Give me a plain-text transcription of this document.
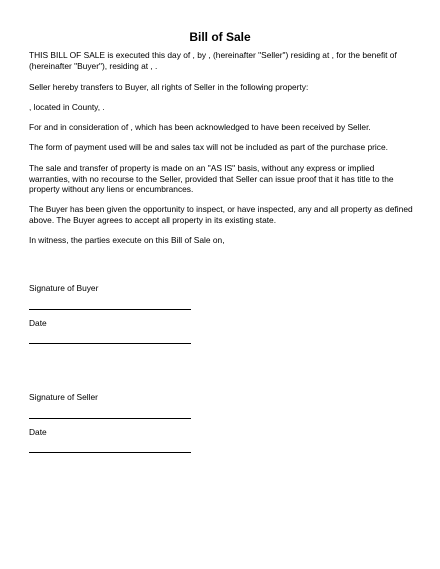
Bill of Sale
THIS BILL OF SALE is executed this day of , by , (hereinafter "Seller") residing at , for the benefit of (hereinafter "Buyer"), residing at , .
Seller hereby transfers to Buyer, all rights of Seller in the following property:
, located in County, .
For and in consideration of , which has been acknowledged to have been received by Seller.
The form of payment used will be and sales tax will not be included as part of the purchase price.
The sale and transfer of property is made on an "AS IS" basis, without any express or implied warranties, with no recourse to the Seller, provided that Seller can issue proof that it has title to the property without any liens or encumbrances.
The Buyer has been given the opportunity to inspect, or have inspected, any and all property as defined above. The Buyer agrees to accept all property in its existing state.
In witness, the parties execute on this Bill of Sale on,
Signature of Buyer
Date
Signature of Seller
Date
